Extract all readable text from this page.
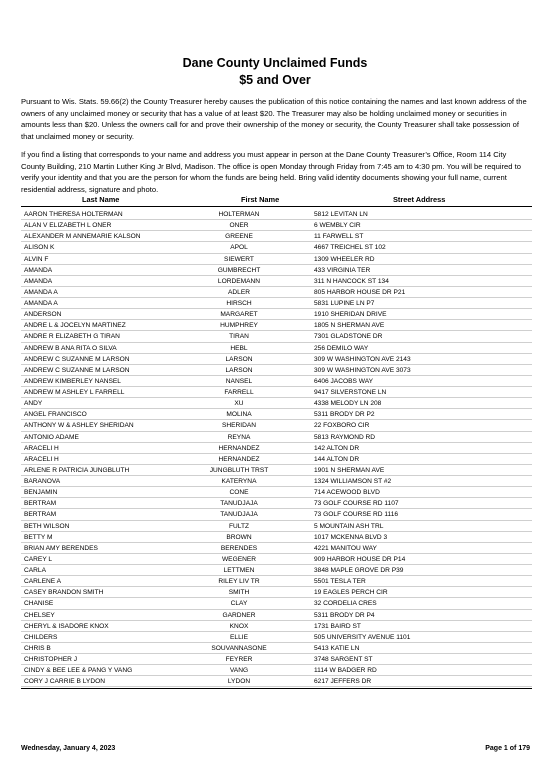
Dane County Unclaimed Funds
$5 and Over
Pursuant to Wis. Stats. 59.66(2) the County Treasurer hereby causes the publication of this notice containing the names and last known address of the owners of any unclaimed money or security that has a value of at least $20. The Treasurer may also be holding unclaimed money or securities in amounts less than $20. Unless the owners call for and prove their ownership of the money or security, the County Treasurer shall take possession of that unclaimed money or security.
If you find a listing that corresponds to your name and address you must appear in person at the Dane County Treasurer’s Office, Room 114 City County Building, 210 Martin Luther King Jr Blvd, Madison. The office is open Monday through Friday from 7:45 am to 4:30 pm. You will be required to verify your identity and that you are the person for whom the funds are being held. Bring valid identity documents showing your full name, current residential address, signature and photo.
Last Name	First Name	Street Address
AARON THERESA HOLTERMAN	HOLTERMAN	5812 LEVITAN LN
ALAN V ELIZABETH L ONER	ONER	6 WEMBLY CIR
ALEXANDER M ANNEMARIE KALSON	GREENE	11 FARWELL ST
ALISON K	APOL	4667 TREICHEL ST 102
ALVIN F	SIEWERT	1309 WHEELER RD
AMANDA	GUMBRECHT	433 VIRGINIA TER
AMANDA	LORDEMANN	311 N HANCOCK ST 134
AMANDA A	ADLER	805 HARBOR HOUSE DR P21
AMANDA A	HIRSCH	5831 LUPINE LN P7
ANDERSON	MARGARET	1910 SHERIDAN DRIVE
ANDRE L & JOCELYN MARTINEZ	HUMPHREY	1805 N SHERMAN AVE
ANDRE R ELIZABETH G TIRAN	TIRAN	7301 GLADSTONE DR
ANDREW B ANA RITA O SILVA	HEBL	256 DEMILO WAY
ANDREW C SUZANNE M LARSON	LARSON	309 W WASHINGTON AVE 2143
ANDREW C SUZANNE M LARSON	LARSON	309 W WASHINGTON AVE 3073
ANDREW KIMBERLEY NANSEL	NANSEL	6406 JACOBS WAY
ANDREW M ASHLEY L FARRELL	FARRELL	9417 SILVERSTONE LN
ANDY	XU	4338 MELODY LN 208
ANGEL FRANCISCO	MOLINA	5311 BRODY DR P2
ANTHONY W & ASHLEY SHERIDAN	SHERIDAN	22 FOXBORO CIR
ANTONIO ADAME	REYNA	5813 RAYMOND RD
ARACELI H	HERNANDEZ	142 ALTON DR
ARACELI H	HERNANDEZ	144 ALTON DR
ARLENE R PATRICIA JUNGBLUTH	JUNGBLUTH TRST	1901 N SHERMAN AVE
BARANOVA	KATERYNA	1324 WILLIAMSON ST #2
BENJAMIN	CONE	714 ACEWOOD BLVD
BERTRAM	TANUDJAJA	73 GOLF COURSE RD 1107
BERTRAM	TANUDJAJA	73 GOLF COURSE RD 1116
BETH WILSON	FULTZ	5 MOUNTAIN ASH TRL
BETTY M	BROWN	1017 MCKENNA BLVD 3
BRIAN AMY BERENDES	BERENDES	4221 MANITOU WAY
CAREY L	WEGENER	909 HARBOR HOUSE DR P14
CARLA	LETTMEN	3848 MAPLE GROVE DR P39
CARLENE A	RILEY LIV TR	5501 TESLA TER
CASEY BRANDON SMITH	SMITH	19 EAGLES PERCH CIR
CHANISE	CLAY	32 CORDELIA CRES
CHELSEY	GARDNER	5311 BRODY DR P4
CHERYL & ISADORE KNOX	KNOX	1731 BAIRD ST
CHILDERS	ELLIE	505 UNIVERSITY AVENUE 1101
CHRIS B	SOUVANNASONE	5413 KATIE LN
CHRISTOPHER J	FEYRER	3748 SARGENT ST
CINDY & BEE LEE & PANG Y VANG	VANG	1114 W BADGER RD
CORY J CARRIE B LYDON	LYDON	6217 JEFFERS DR
Wednesday, January 4, 2023	Page 1 of 179
